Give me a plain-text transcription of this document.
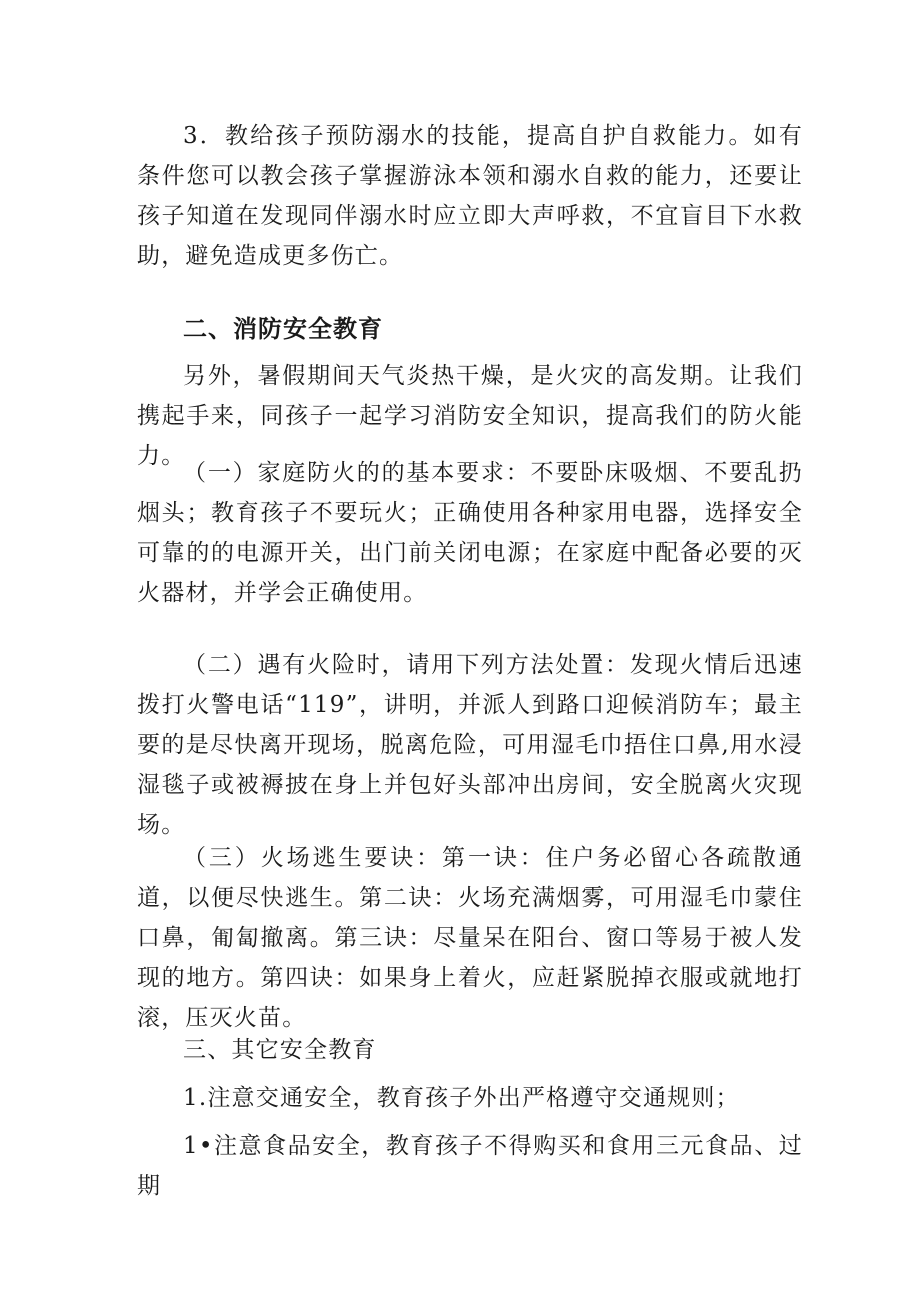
3．教给孩子预防溺水的技能，提高自护自救能力。如有条件您可以教会孩子掌握游泳本领和溺水自救的能力，还要让孩子知道在发现同伴溺水时应立即大声呼救，不宜盲目下水救助，避免造成更多伤亡。

二、消防安全教育

另外，暑假期间天气炎热干燥，是火灾的高发期。让我们携起手来，同孩子一起学习消防安全知识，提高我们的防火能力。

（一）家庭防火的的基本要求：不要卧床吸烟、不要乱扔烟头；教育孩子不要玩火；正确使用各种家用电器，选择安全可靠的的电源开关，出门前关闭电源；在家庭中配备必要的灭火器材，并学会正确使用。

（二）遇有火险时，请用下列方法处置：发现火情后迅速拨打火警电话“119”，讲明，并派人到路口迎候消防车；最主要的是尽快离开现场，脱离危险，可用湿毛巾捂住口鼻,用水浸湿毯子或被褥披在身上并包好头部冲出房间，安全脱离火灾现场。

（三）火场逃生要诀：第一诀：住户务必留心各疏散通道，以便尽快逃生。第二诀：火场充满烟雾，可用湿毛巾蒙住口鼻，匍匐撤离。第三诀：尽量呆在阳台、窗口等易于被人发现的地方。第四诀：如果身上着火，应赶紧脱掉衣服或就地打滚，压灭火苗。

三、其它安全教育

1.注意交通安全，教育孩子外出严格遵守交通规则；

1•注意食品安全，教育孩子不得购买和食用三元食品、过期
